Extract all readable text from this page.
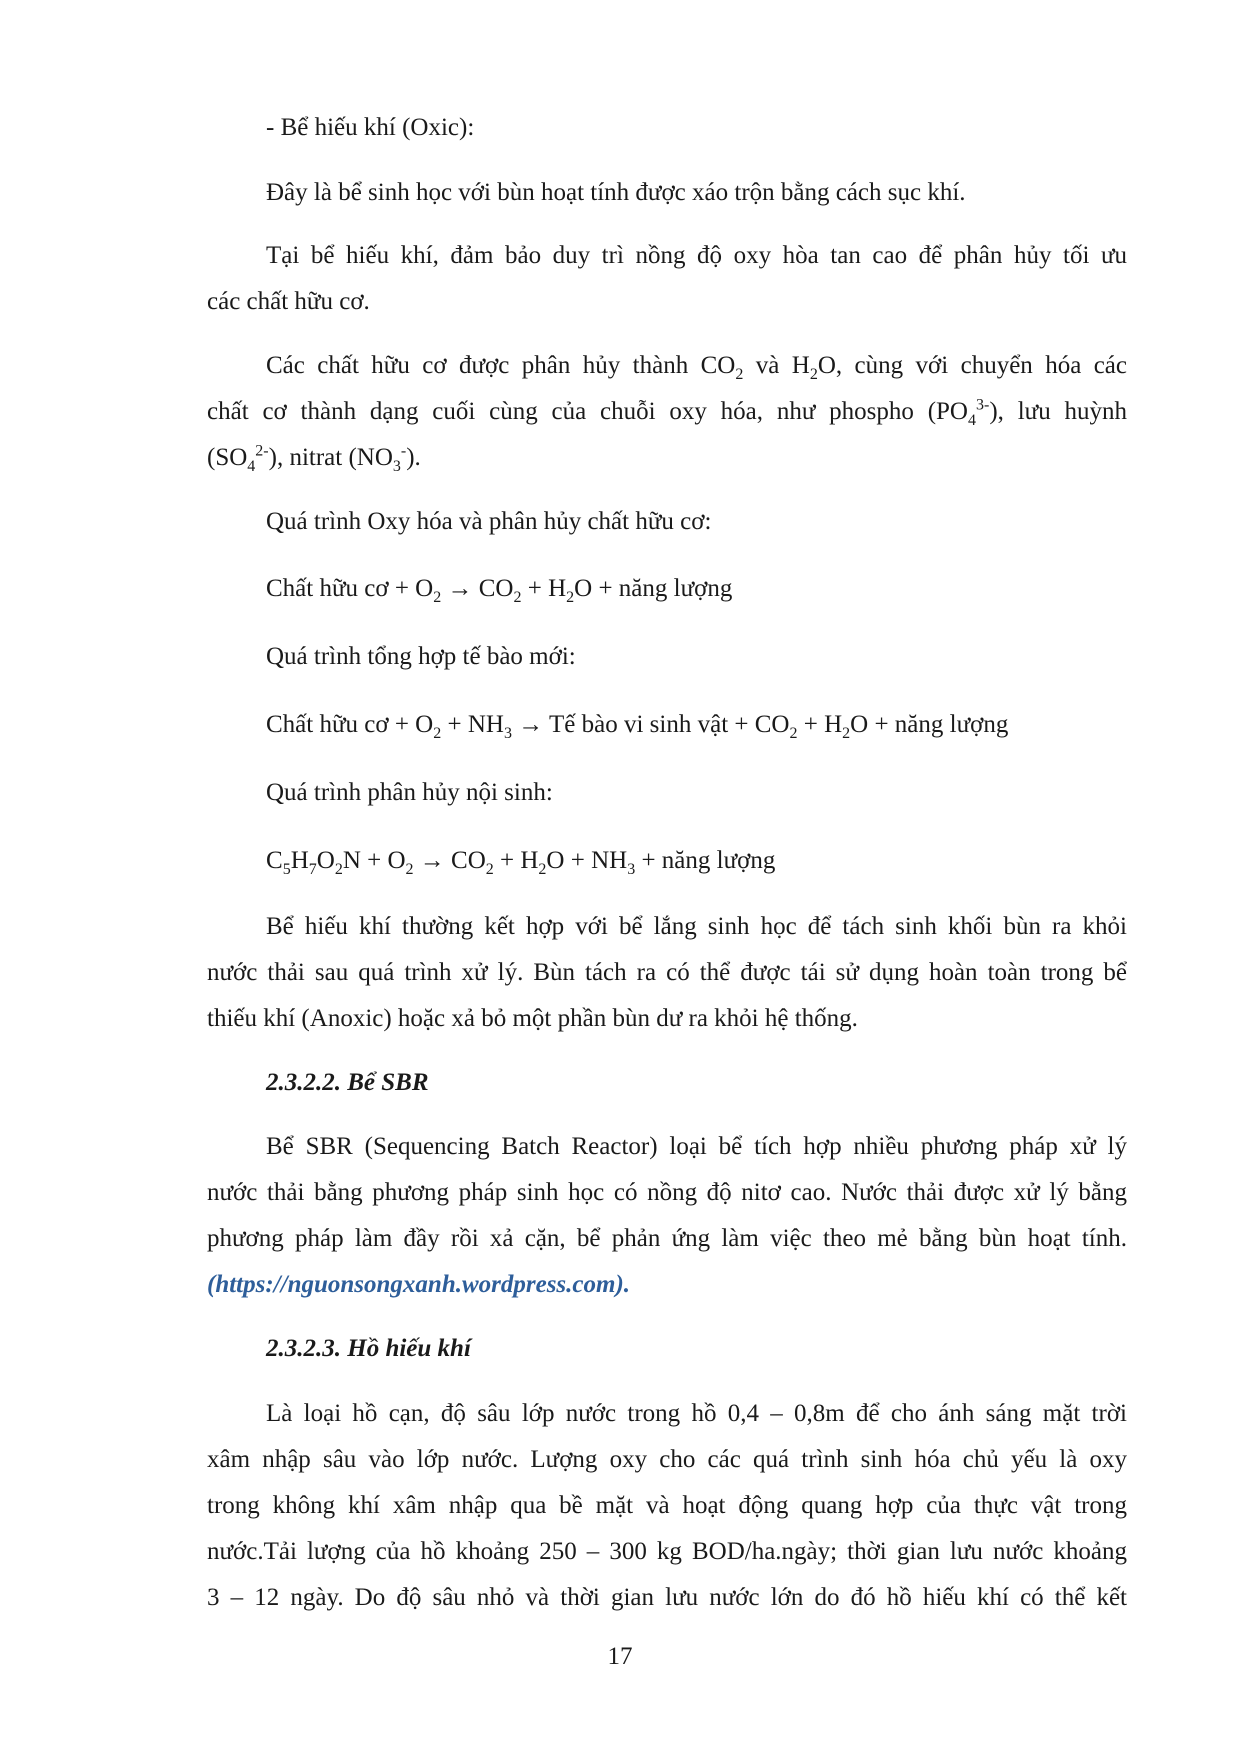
- Bể hiếu khí (Oxic):
Đây là bể sinh học với bùn hoạt tính được xáo trộn bằng cách sục khí.
Tại bể hiếu khí, đảm bảo duy trì nồng độ oxy hòa tan cao để phân hủy tối ưu
các chất hữu cơ.
Các chất hữu cơ được phân hủy thành $CO_2$ và $H_2O$, cùng với chuyển hóa các
chất cơ thành dạng cuối cùng của chuỗi oxy hóa, như phospho $(PO_4^{3-})$, lưu huỳnh
$(SO_4^{2-})$, nitrat $(NO_3^-)$.
Quá trình Oxy hóa và phân hủy chất hữu cơ:
Chất hữu cơ + $O_2 \to CO_2 + H_2O$ + năng lượng
Quá trình tổng hợp tế bào mới:
Chất hữu cơ + $O_2 + NH_3$ → Tế bào vi sinh vật + $CO_2 + H_2O$ + năng lượng
Quá trình phân hủy nội sinh:
$C_5H_7O_2N + O_2 \to CO_2 + H_2O + NH_3$ + năng lượng
Bể hiếu khí thường kết hợp với bể lắng sinh học để tách sinh khối bùn ra khỏi
nước thải sau quá trình xử lý. Bùn tách ra có thể được tái sử dụng hoàn toàn trong bể
thiếu khí (Anoxic) hoặc xả bỏ một phần bùn dư ra khỏi hệ thống.
2.3.2.2. Bể SBR
Bể SBR (Sequencing Batch Reactor) loại bể tích hợp nhiều phương pháp xử lý
nước thải bằng phương pháp sinh học có nồng độ nitơ cao. Nước thải được xử lý bằng
phương pháp làm đầy rồi xả cặn, bể phản ứng làm việc theo mẻ bằng bùn hoạt tính.
(https://nguonsongxanh.wordpress.com).
2.3.2.3. Hồ hiếu khí
Là loại hồ cạn, độ sâu lớp nước trong hồ 0,4 – 0,8m để cho ánh sáng mặt trời
xâm nhập sâu vào lớp nước. Lượng oxy cho các quá trình sinh hóa chủ yếu là oxy
trong không khí xâm nhập qua bề mặt và hoạt động quang hợp của thực vật trong
nước.Tải lượng của hồ khoảng 250 – 300 kg BOD/ha.ngày; thời gian lưu nước khoảng
3 – 12 ngày. Do độ sâu nhỏ và thời gian lưu nước lớn do đó hồ hiếu khí có thể kết
17
